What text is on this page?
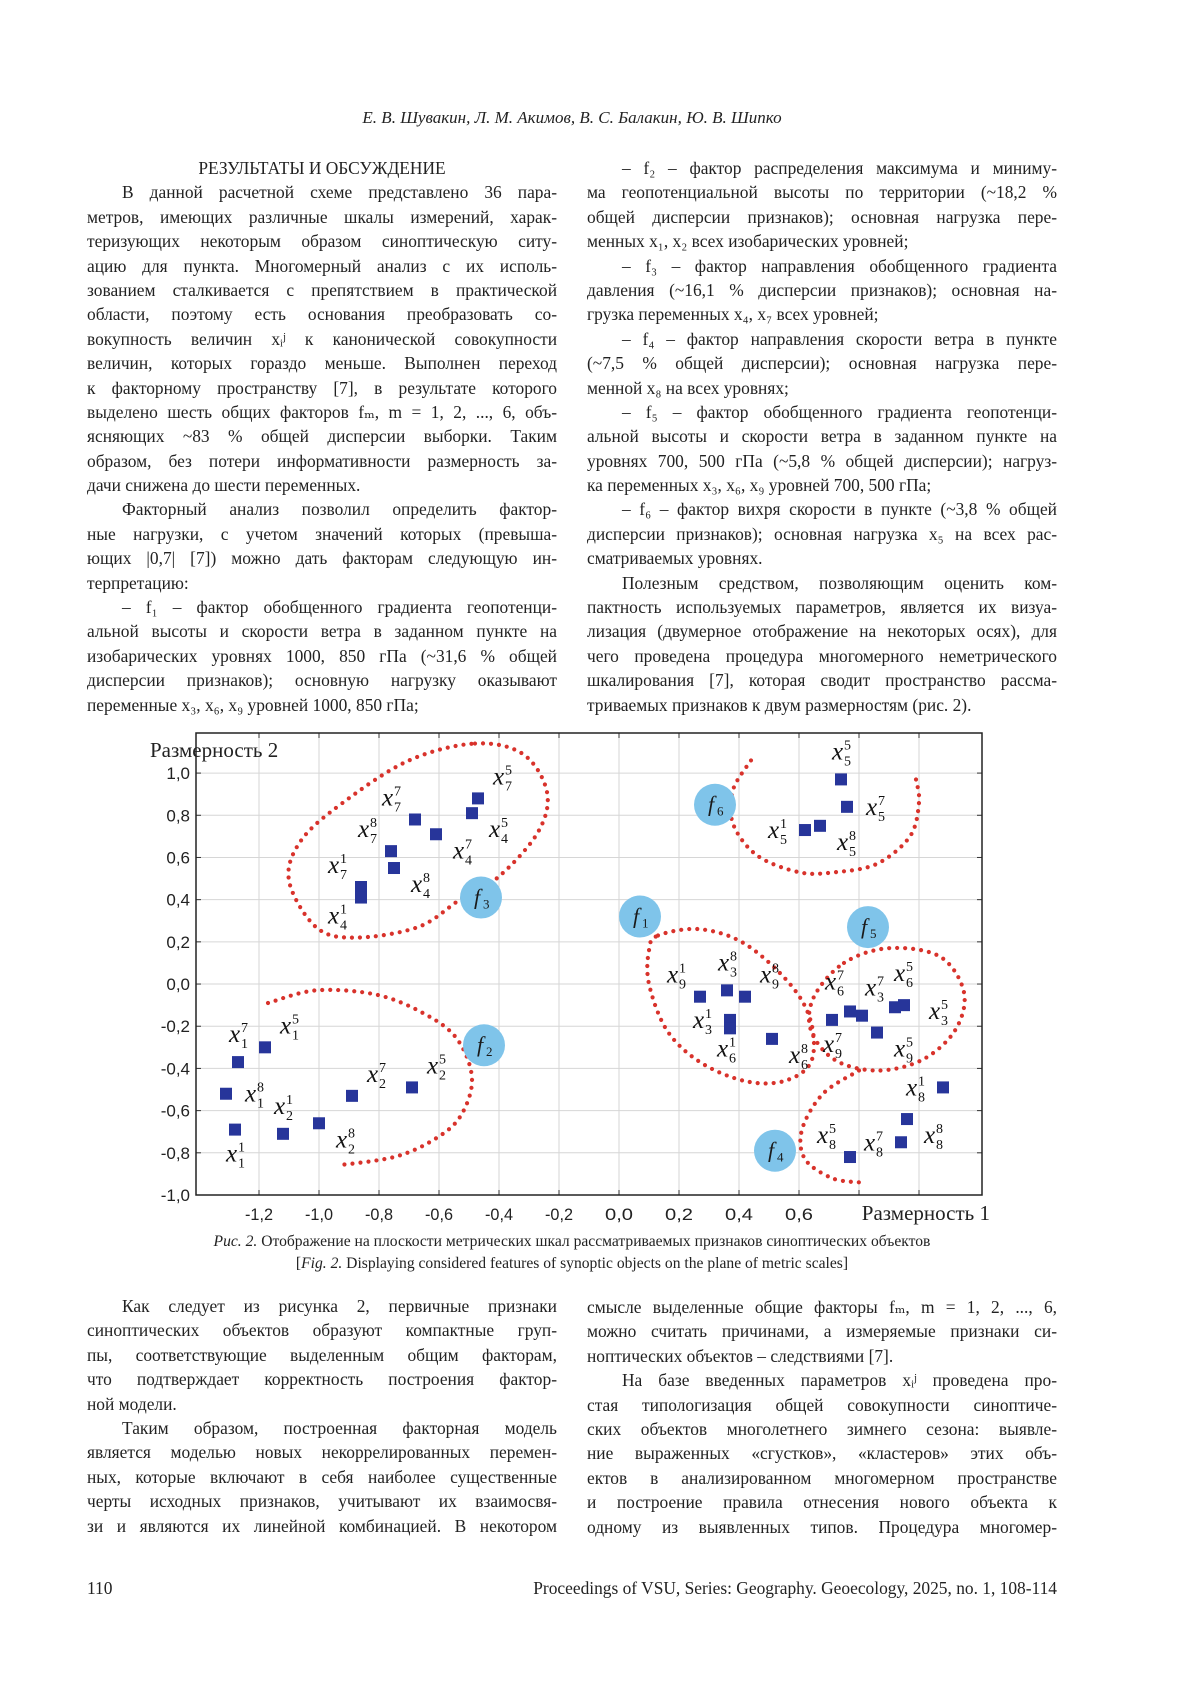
Е. В. Шувакин, Л. М. Акимов, В. С. Балакин, Ю. В. Шипко
РЕЗУЛЬТАТЫ И ОБСУЖДЕНИЕ
В данной расчетной схеме представлено 36 пара-
метров, имеющих различные шкалы измерений, харак-
теризующих некоторым образом синоптическую ситу-
ацию для пункта. Многомерный анализ с их исполь-
зованием сталкивается с препятствием в практической
области, поэтому есть основания преобразовать со-
вокупность величин xᵢʲ к канонической совокупности
величин, которых гораздо меньше. Выполнен переход
к факторному пространству [7], в результате которого
выделено шесть общих факторов fₘ, m = 1, 2, ..., 6, объ-
ясняющих ~83 % общей дисперсии выборки. Таким
образом, без потери информативности размерность за-
дачи снижена до шести переменных.
Факторный анализ позволил определить фактор-
ные нагрузки, с учетом значений которых (превыша-
ющих |0,7| [7]) можно дать факторам следующую ин-
терпретацию:
– f₁ – фактор обобщенного градиента геопотенци-
альной высоты и скорости ветра в заданном пункте на
изобарических уровнях 1000, 850 гПа (~31,6 % общей
дисперсии признаков); основную нагрузку оказывают
переменные x₃, x₆, x₉ уровней 1000, 850 гПа;
– f₂ – фактор распределения максимума и миниму-
ма геопотенциальной высоты по территории (~18,2 %
общей дисперсии признаков); основная нагрузка пере-
менных x₁, x₂ всех изобарических уровней;
– f₃ – фактор направления обобщенного градиента
давления (~16,1 % дисперсии признаков); основная на-
грузка переменных x₄, x₇ всех уровней;
– f₄ – фактор направления скорости ветра в пункте
(~7,5 % общей дисперсии); основная нагрузка пере-
менной x₈ на всех уровнях;
– f₅ – фактор обобщенного градиента геопотенци-
альной высоты и скорости ветра в заданном пункте на
уровнях 700, 500 гПа (~5,8 % общей дисперсии); нагруз-
ка переменных x₃, x₆, x₉ уровней 700, 500 гПа;
– f₆ – фактор вихря скорости в пункте (~3,8 % общей
дисперсии признаков); основная нагрузка x₅ на всех рас-
сматриваемых уровнях.
Полезным средством, позволяющим оценить ком-
пактность используемых параметров, является их визуа-
лизация (двумерное отображение на некоторых осях), для
чего проведена процедура многомерного неметрического
шкалирования [7], которая сводит пространство рассма-
триваемых признаков к двум размерностям (рис. 2).
1,0
0,8
0,6
0,4
0,2
0,0
-0,2
-0,4
-0,6
-0,8
-1,0
-1,2 -1,0 -0,8 -0,6 -0,4 -0,2 0,0 0,2 0,4 0,6 Размерность 1
Размерность 2
f 1
f 2
f 3
f 4
f 5
f 6
x 5
7
x 5
4
x 7
7
x 7
4
x 8
7
x 8
4
x 1
7
x 1
4
x 5
1
x 7
1
x 8
1
x 1
1
x 1
2
x 8
2
x 7
2
x 5
2
x 5
5
x 7
5
x 1
5 x 8
5
x 1
9
x 8
3 x 8
9
x 1
3
x 1
6 x 8
6
x 7
9
x 7
6 x 7
3
x 5
9
x 5
6
x 5
3
x 1
8
x 8
8
x 7
8
x 5
8
Рис. 2. Отображение на плоскости метрических шкал рассматриваемых признаков синоптических объектов
[Fig. 2. Displaying considered features of synoptic objects on the plane of metric scales]
Как следует из рисунка 2, первичные признаки
синоптических объектов образуют компактные груп-
пы, соответствующие выделенным общим факторам,
что подтверждает корректность построения фактор-
ной модели.
Таким образом, построенная факторная модель
является моделью новых некоррелированных перемен-
ных, которые включают в себя наиболее существенные
черты исходных признаков, учитывают их взаимосвя-
зи и являются их линейной комбинацией. В некотором
смысле выделенные общие факторы fₘ, m = 1, 2, ..., 6,
можно считать причинами, а измеряемые признаки си-
ноптических объектов – следствиями [7].
На базе введенных параметров xᵢʲ проведена про-
стая типологизация общей совокупности синоптиче-
ских объектов многолетнего зимнего сезона: выявле-
ние выраженных «сгустков», «кластеров» этих объ-
ектов в анализированном многомерном пространстве
и построение правила отнесения нового объекта к
одному из выявленных типов. Процедура многомер-
110	Proceedings of VSU, Series: Geography. Geoecology, 2025, no. 1, 108-114
